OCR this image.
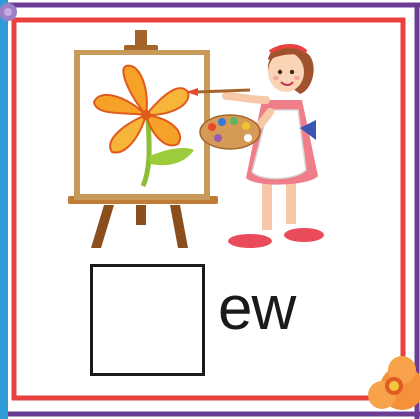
ew
